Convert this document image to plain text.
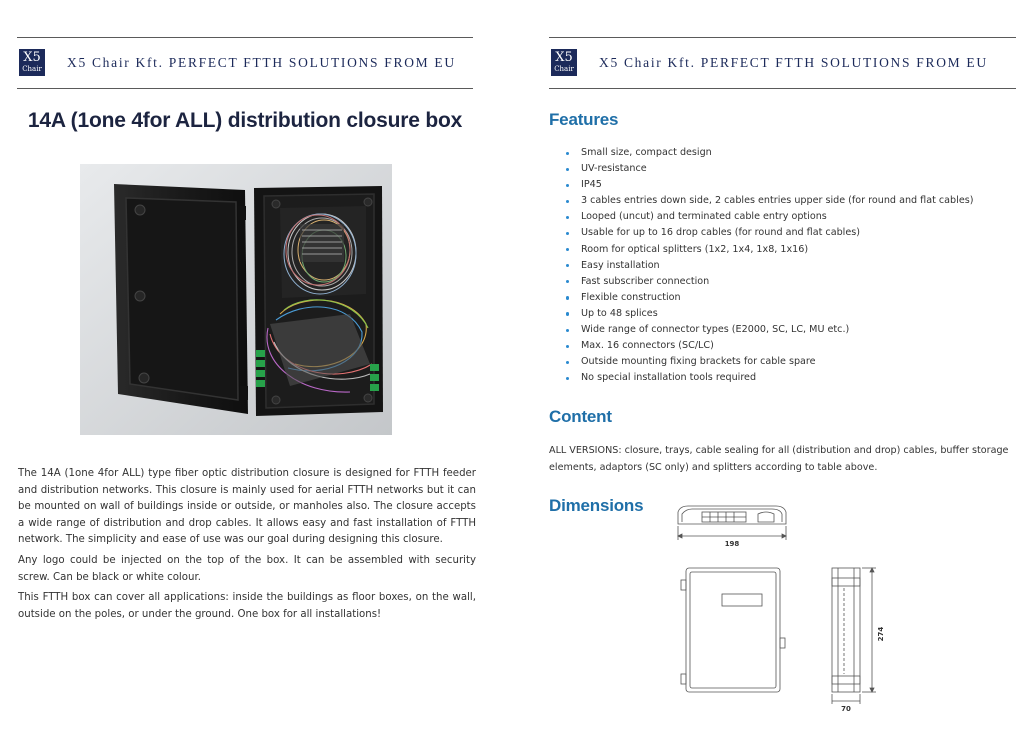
X5
Chair X5 Chair Kft. PERFECT FTTH SOLUTIONS FROM EU
14A (1one 4for ALL) distribution closure box

The 14A (1one 4for ALL) type fiber optic distribution closure is designed for FTTH feeder and distribution networks. This closure is mainly used for aerial FTTH networks but it can be mounted on wall of buildings inside or outside, or manholes also. The closure accepts a wide range of distribution and drop cables. It allows easy and fast installation of FTTH network. The simplicity and ease of use was our goal during designing this closure.

Any logo could be injected on the top of the box. It can be assembled with security screw. Can be black or white colour.

This FTTH box can cover all applications: inside the buildings as floor boxes, on the wall, outside on the poles, or under the ground. One box for all installations!

X5
Chair X5 Chair Kft. PERFECT FTTH SOLUTIONS FROM EU
Features
Small size, compact design
UV-resistance
IP45
3 cables entries down side, 2 cables entries upper side (for round and flat cables)
Looped (uncut) and terminated cable entry options
Usable for up to 16 drop cables (for round and flat cables)
Room for optical splitters (1x2, 1x4, 1x8, 1x16)
Easy installation
Fast subscriber connection
Flexible construction
Up to 48 splices
Wide range of connector types (E2000, SC, LC, MU etc.)
Max. 16 connectors (SC/LC)
Outside mounting fixing brackets for cable spare
No special installation tools required
Content
ALL VERSIONS: closure, trays, cable sealing for all (distribution and drop) cables, buffer storage elements, adaptors (SC only) and splitters according to table above.
Dimensions
198
274
70
